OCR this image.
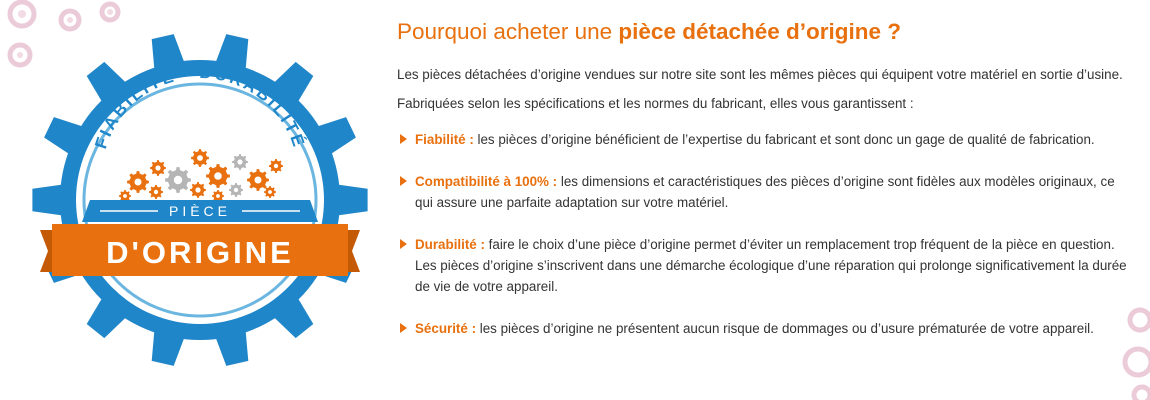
FIABILITÉ - DURABILITÉ
PIÈCE
D'ORIGINE
Pourquoi acheter une pièce détachée d’origine ?

Les pièces détachées d’origine vendues sur notre site sont les mêmes pièces qui équipent votre matériel en sortie d’usine.

Fabriquées selon les spécifications et les normes du fabricant, elles vous garantissent :

Fiabilité : les pièces d’origine bénéficient de l’expertise du fabricant et sont donc un gage de qualité de fabrication.
Compatibilité à 100% : les dimensions et caractéristiques des pièces d’origine sont fidèles aux modèles originaux, ce qui assure une parfaite adaptation sur votre matériel.
Durabilité : faire le choix d’une pièce d’origine permet d’éviter un remplacement trop fréquent de la pièce en question. Les pièces d’origine s’inscrivent dans une démarche écologique d’une réparation qui prolonge significativement la durée de vie de votre appareil.
Sécurité : les pièces d’origine ne présentent aucun risque de dommages ou d’usure prématurée de votre appareil.
